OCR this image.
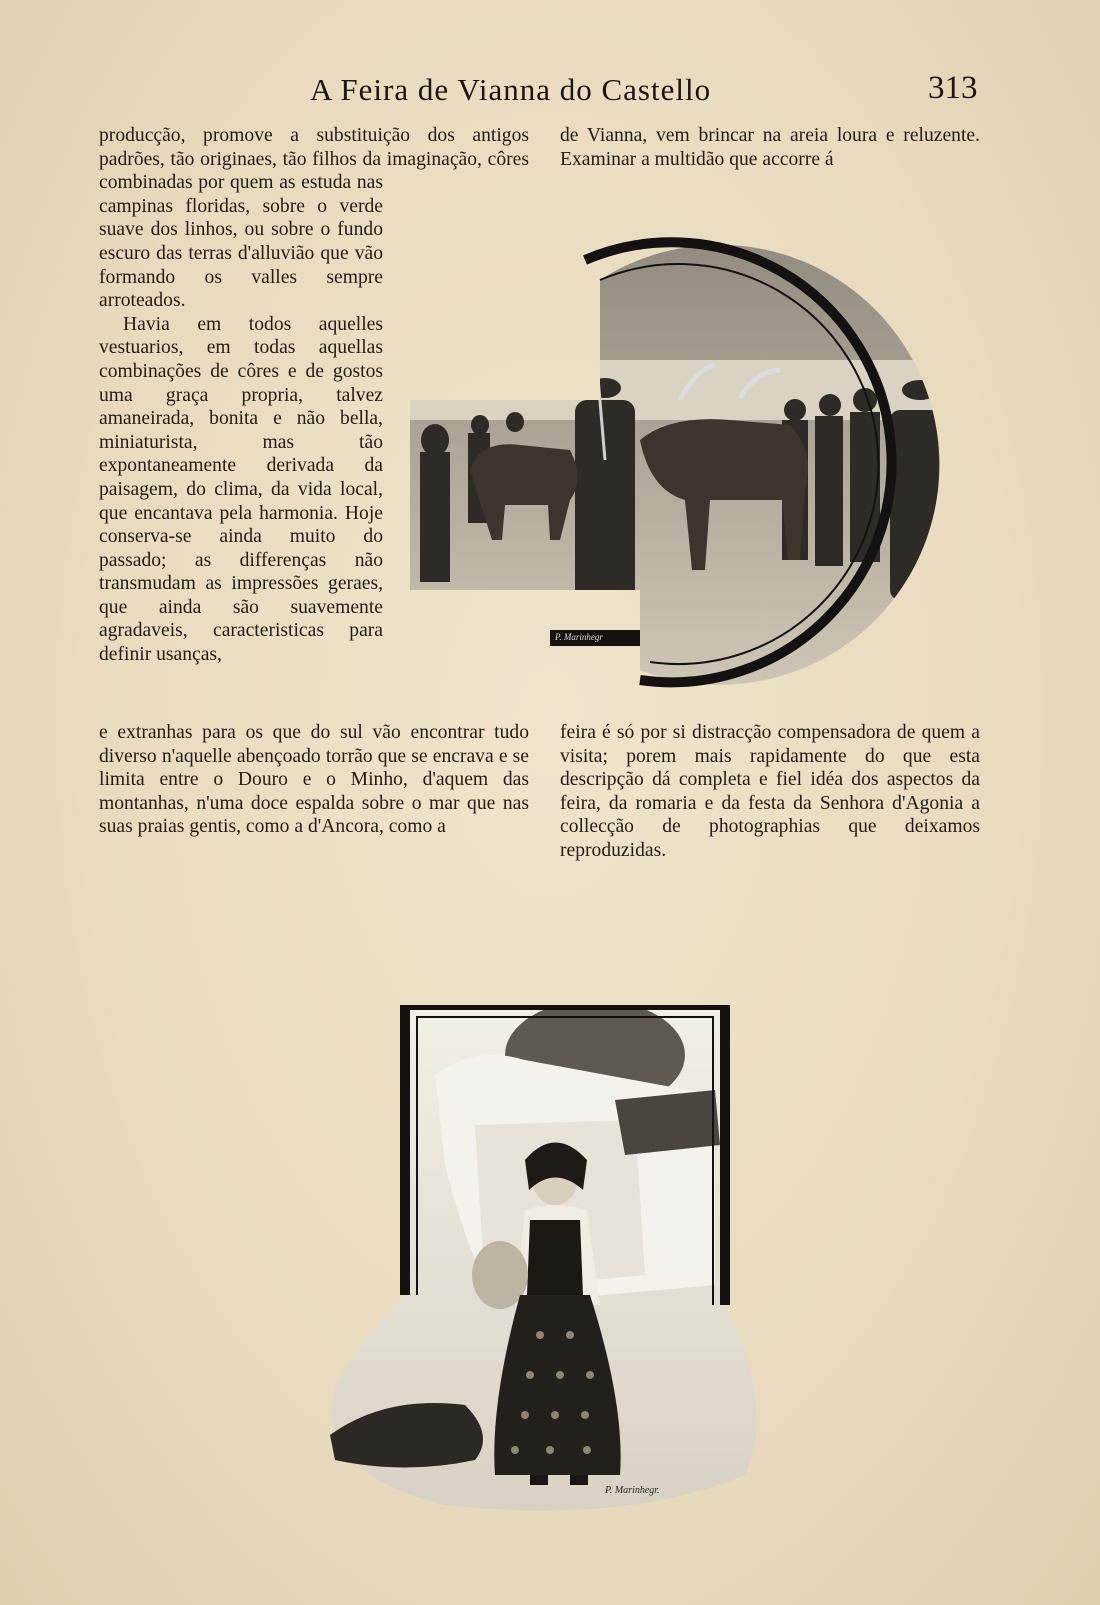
A Feira de Vianna do Castello	313

producção, promove a substituição dos antigos padrões, tão originaes, tão filhos da imaginação, côres combinadas por quem as estuda nas campinas floridas, sobre o verde suave dos linhos, ou sobre o fundo escuro das terras d'alluvião que vão formando os valles sempre arroteados.

Havia em todos aquelles vestuarios, em todas aquellas combinações de côres e de gostos uma graça propria, talvez amaneirada, bonita e não bella, miniaturista, mas tão expontaneamente derivada da paisagem, do clima, da vida local, que encantava pela harmonia. Hoje conserva-se ainda muito do passado; as differenças não transmudam as impressões geraes, que ainda são suavemente agradaveis, caracteristicas para definir usanças,

e extranhas para os que do sul vão encontrar tudo diverso n'aquelle abençoado torrão que se encrava e se limita entre o Douro e o Minho, d'aquem das montanhas, n'uma doce espalda sobre o mar que nas suas praias gentis, como a d'Ancora, como a

de Vianna, vem brincar na areia loura e reluzente. Examinar a multidão que accorre á

feira é só por si distracção compensadora de quem a visita; porem mais rapidamente do que esta descripção dá completa e fiel idéa dos aspectos da feira, da romaria e da festa da Senhora d'Agonia a collecção de photographias que deixamos reproduzidas.

P. Marinhegr
P. Marinhegr.
